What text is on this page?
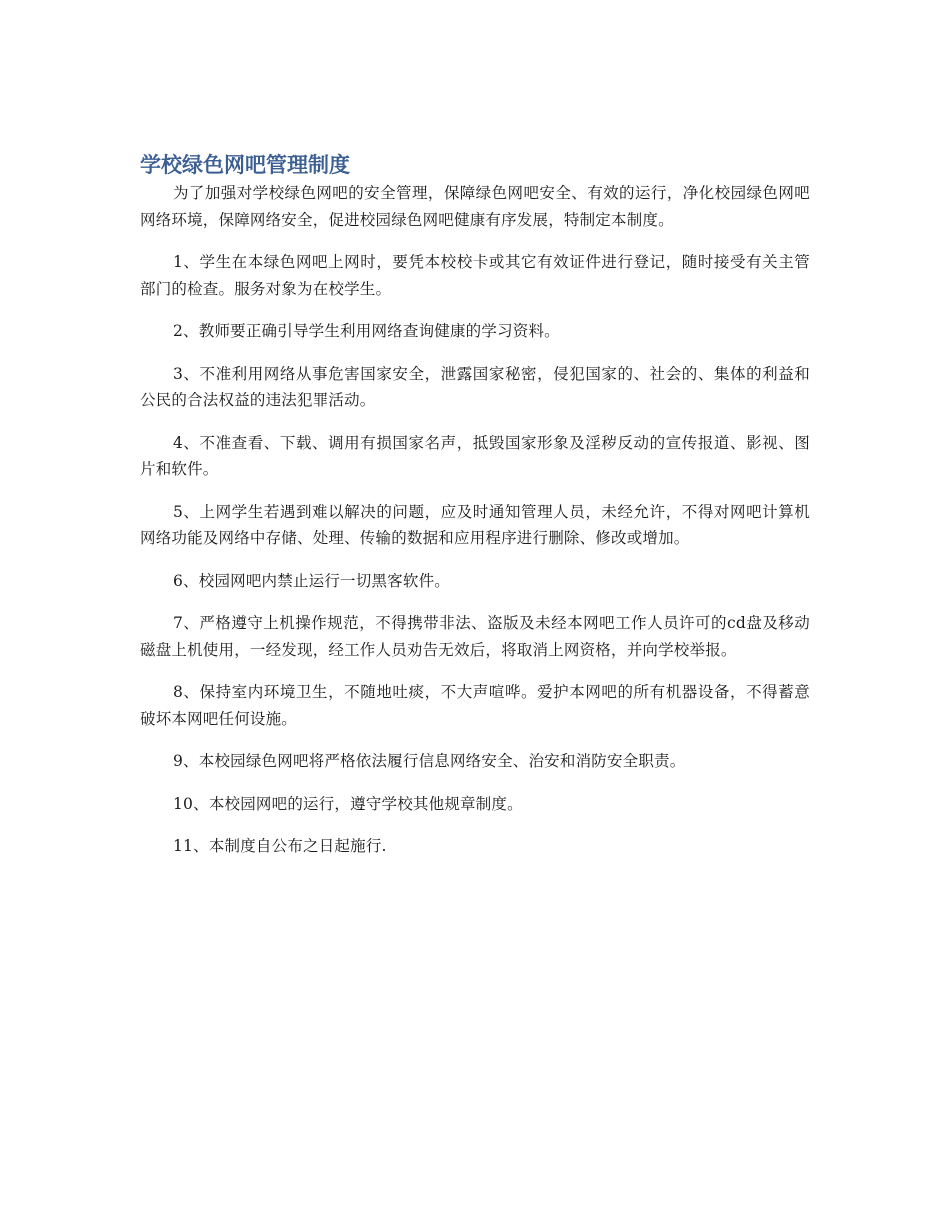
学校绿色网吧管理制度

为了加强对学校绿色网吧的安全管理，保障绿色网吧安全、有效的运行，净化校园绿色网吧网络环境，保障网络安全，促进校园绿色网吧健康有序发展，特制定本制度。

1、学生在本绿色网吧上网时，要凭本校校卡或其它有效证件进行登记，随时接受有关主管部门的检查。服务对象为在校学生。

2、教师要正确引导学生利用网络查询健康的学习资料。

3、不准利用网络从事危害国家安全，泄露国家秘密，侵犯国家的、社会的、集体的利益和公民的合法权益的违法犯罪活动。

4、不准查看、下载、调用有损国家名声，抵毁国家形象及淫秽反动的宣传报道、影视、图片和软件。

5、上网学生若遇到难以解决的问题，应及时通知管理人员，未经允许，不得对网吧计算机网络功能及网络中存储、处理、传输的数据和应用程序进行删除、修改或增加。

6、校园网吧内禁止运行一切黑客软件。

7、严格遵守上机操作规范，不得携带非法、盗版及未经本网吧工作人员许可的cd盘及移动磁盘上机使用，一经发现，经工作人员劝告无效后，将取消上网资格，并向学校举报。

8、保持室内环境卫生，不随地吐痰，不大声喧哗。爱护本网吧的所有机器设备，不得蓄意破坏本网吧任何设施。

9、本校园绿色网吧将严格依法履行信息网络安全、治安和消防安全职责。

10、本校园网吧的运行，遵守学校其他规章制度。

11、本制度自公布之日起施行.
